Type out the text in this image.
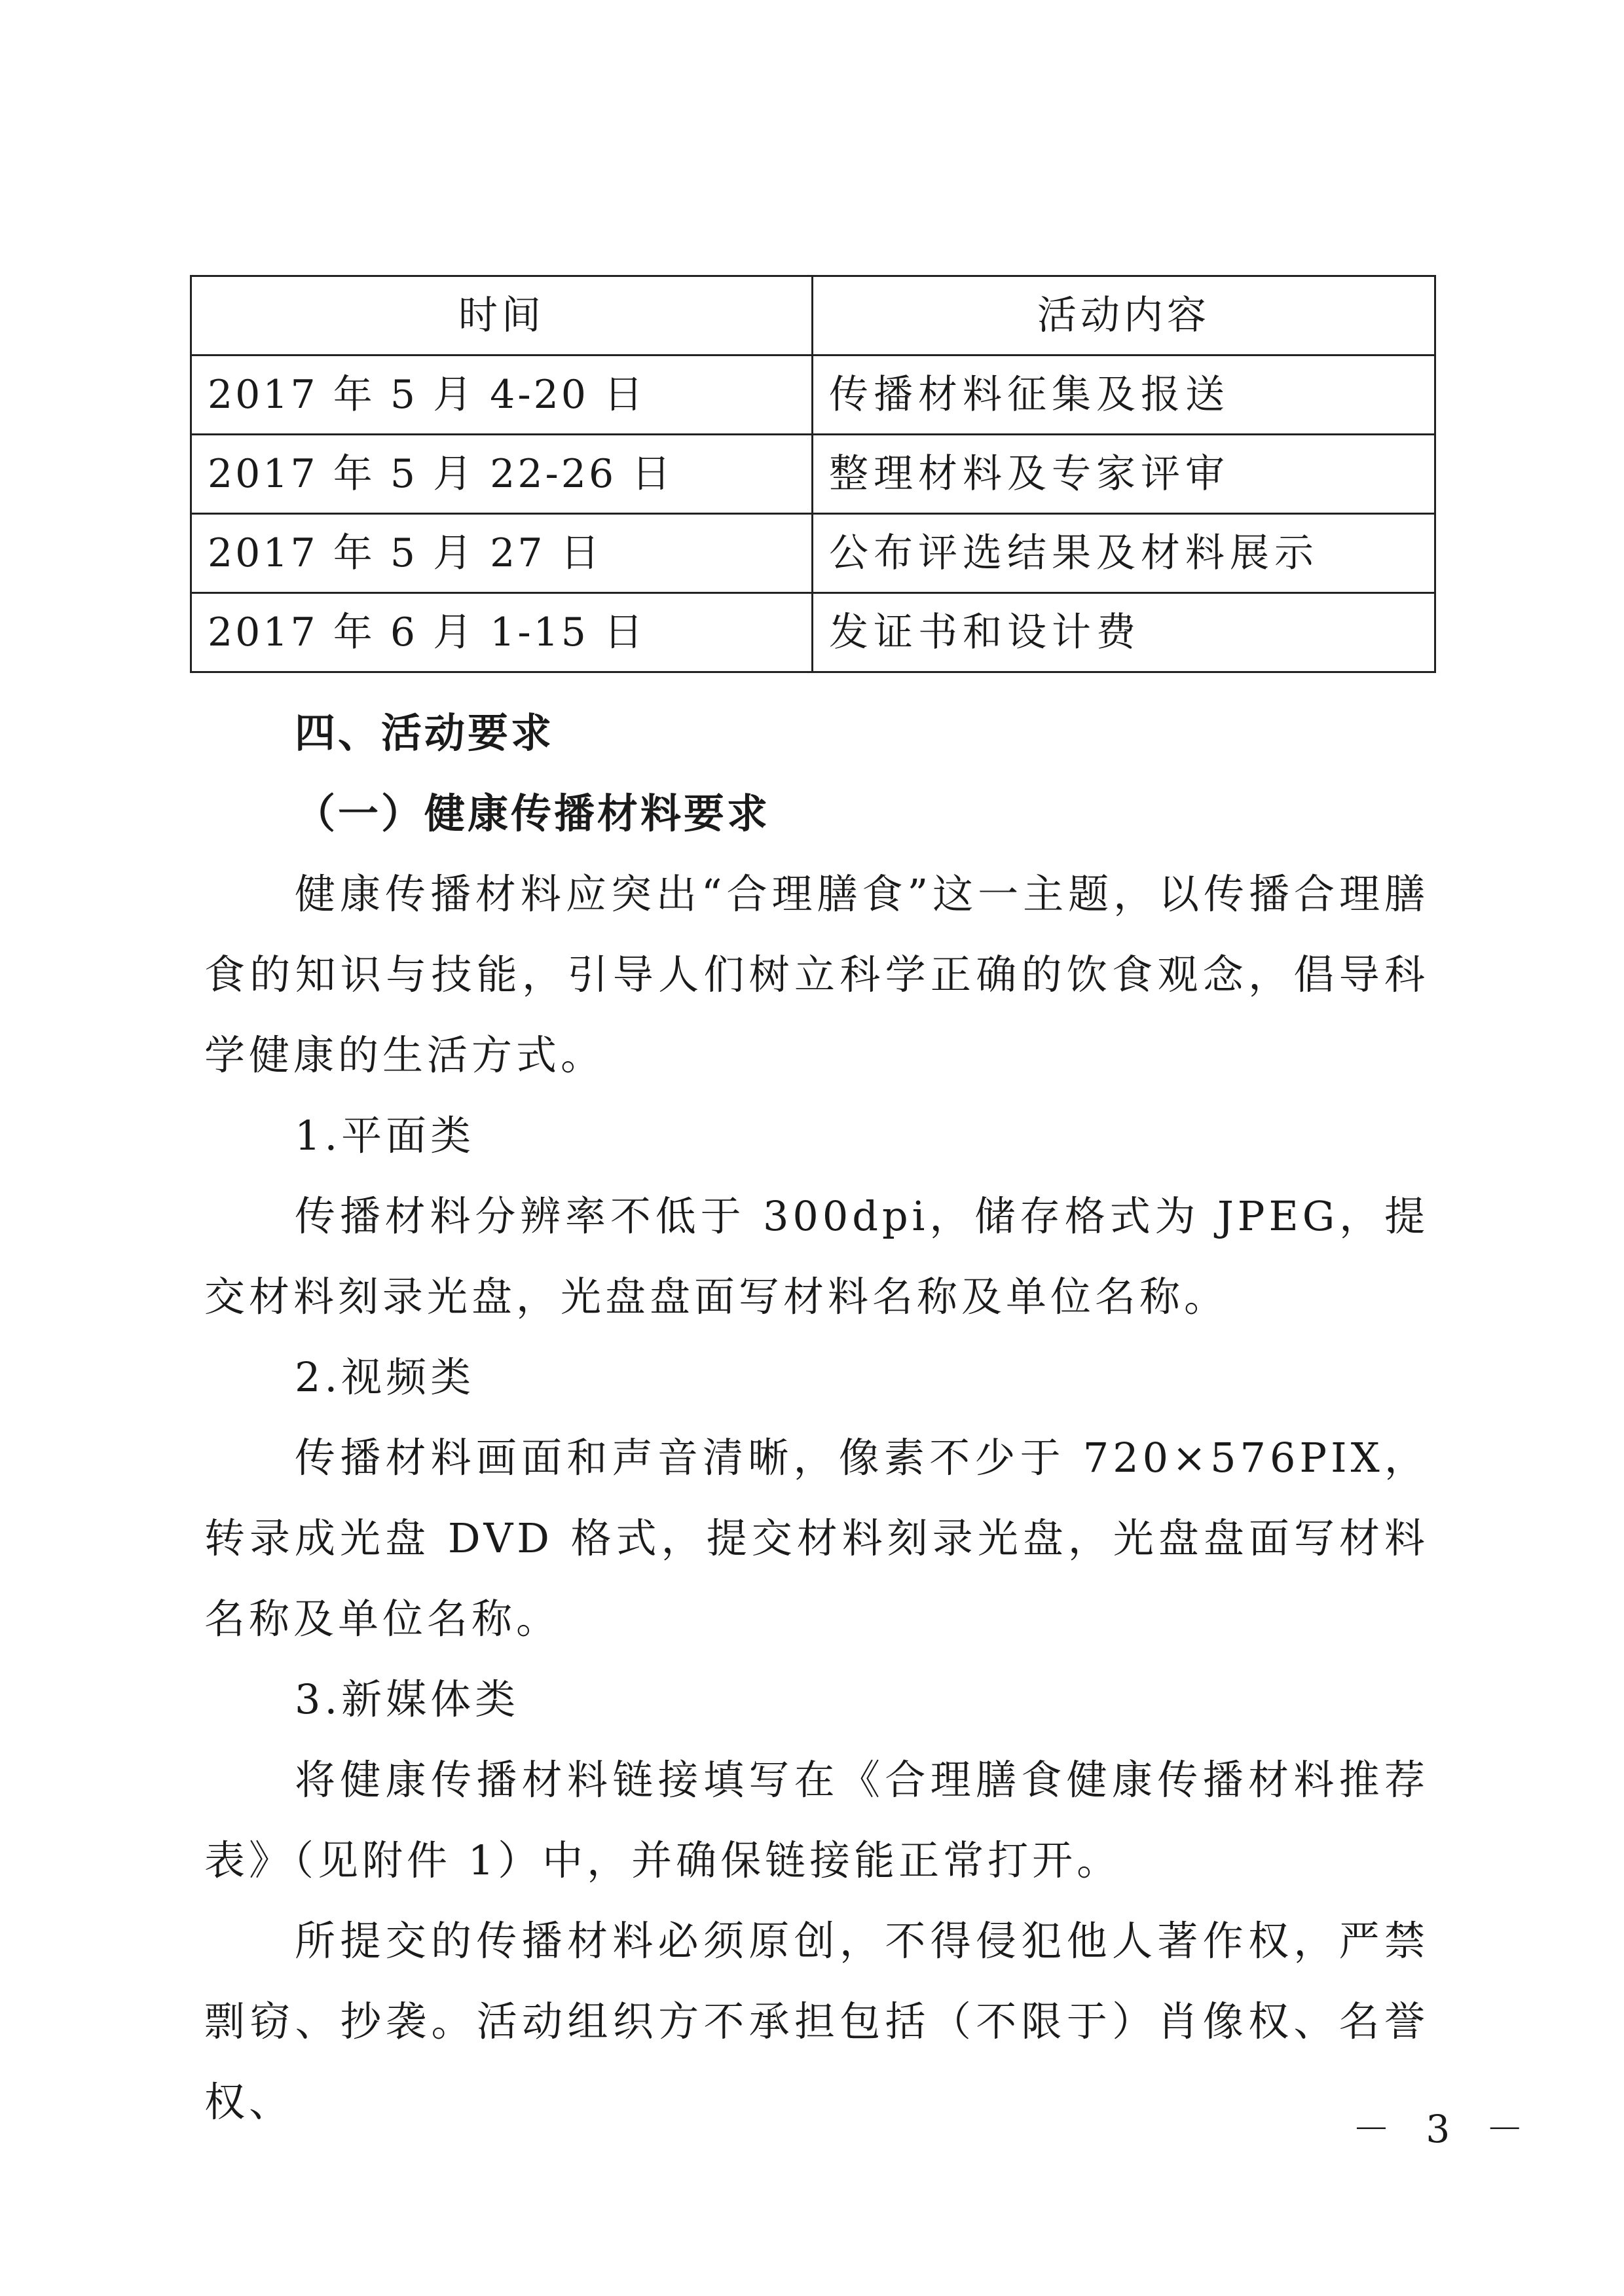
时间	活动内容
2017 年 5 月 4-20 日	传播材料征集及报送
2017 年 5 月 22-26 日	整理材料及专家评审
2017 年 5 月 27 日	公布评选结果及材料展示
2017 年 6 月 1-15 日	发证书和设计费

四、活动要求

（一）健康传播材料要求

健康传播材料应突出“合理膳食”这一主题，以传播合理膳食的知识与技能，引导人们树立科学正确的饮食观念，倡导科学健康的生活方式。

1.平面类

传播材料分辨率不低于 300dpi，储存格式为 JPEG，提交材料刻录光盘，光盘盘面写材料名称及单位名称。

2.视频类

传播材料画面和声音清晰，像素不少于 720×576PIX，转录成光盘 DVD 格式，提交材料刻录光盘，光盘盘面写材料名称及单位名称。

3.新媒体类

将健康传播材料链接填写在《合理膳食健康传播材料推荐表》（见附件 1）中，并确保链接能正常打开。

所提交的传播材料必须原创，不得侵犯他人著作权，严禁剽窃、抄袭。活动组织方不承担包括（不限于）肖像权、名誉权、

－ 3 －
